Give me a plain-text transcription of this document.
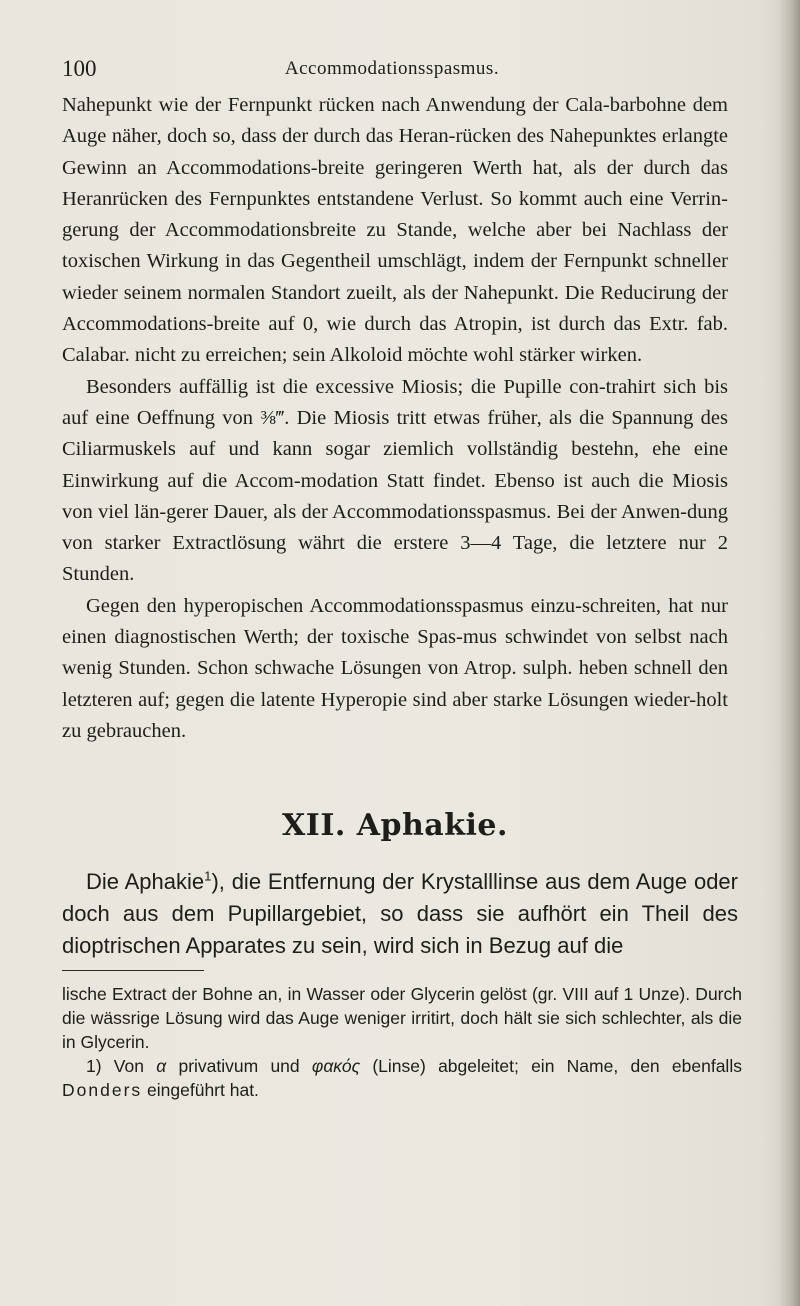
100	Accommodationsspasmus.

Nahepunkt wie der Fernpunkt rücken nach Anwendung der Cala-barbohne dem Auge näher, doch so, dass der durch das Heran-rücken des Nahepunktes erlangte Gewinn an Accommodations-breite geringeren Werth hat, als der durch das Heranrücken des Fernpunktes entstandene Verlust. So kommt auch eine Verrin-gerung der Accommodationsbreite zu Stande, welche aber bei Nachlass der toxischen Wirkung in das Gegentheil umschlägt, indem der Fernpunkt schneller wieder seinem normalen Standort zueilt, als der Nahepunkt. Die Reducirung der Accommodations-breite auf 0, wie durch das Atropin, ist durch das Extr. fab. Calabar. nicht zu erreichen; sein Alkoloid möchte wohl stärker wirken.

Besonders auffällig ist die excessive Miosis; die Pupille con-trahirt sich bis auf eine Oeffnung von ⅜‴. Die Miosis tritt etwas früher, als die Spannung des Ciliarmuskels auf und kann sogar ziemlich vollständig bestehn, ehe eine Einwirkung auf die Accom-modation Statt findet. Ebenso ist auch die Miosis von viel län-gerer Dauer, als der Accommodationsspasmus. Bei der Anwen-dung von starker Extractlösung währt die erstere 3—4 Tage, die letztere nur 2 Stunden.

Gegen den hyperopischen Accommodationsspasmus einzu-schreiten, hat nur einen diagnostischen Werth; der toxische Spas-mus schwindet von selbst nach wenig Stunden. Schon schwache Lösungen von Atrop. sulph. heben schnell den letzteren auf; gegen die latente Hyperopie sind aber starke Lösungen wieder-holt zu gebrauchen.

XII. Aphakie.

Die Aphakie$^1$), die Entfernung der Krystalllinse aus dem Auge oder doch aus dem Pupillargebiet, so dass sie aufhört ein Theil des dioptrischen Apparates zu sein, wird sich in Bezug auf die

lische Extract der Bohne an, in Wasser oder Glycerin gelöst (gr. VIII auf 1 Unze). Durch die wässrige Lösung wird das Auge weniger irritirt, doch hält sie sich schlechter, als die in Glycerin.

1) Von α privativum und φακός (Linse) abgeleitet; ein Name, den ebenfalls Donders eingeführt hat.
